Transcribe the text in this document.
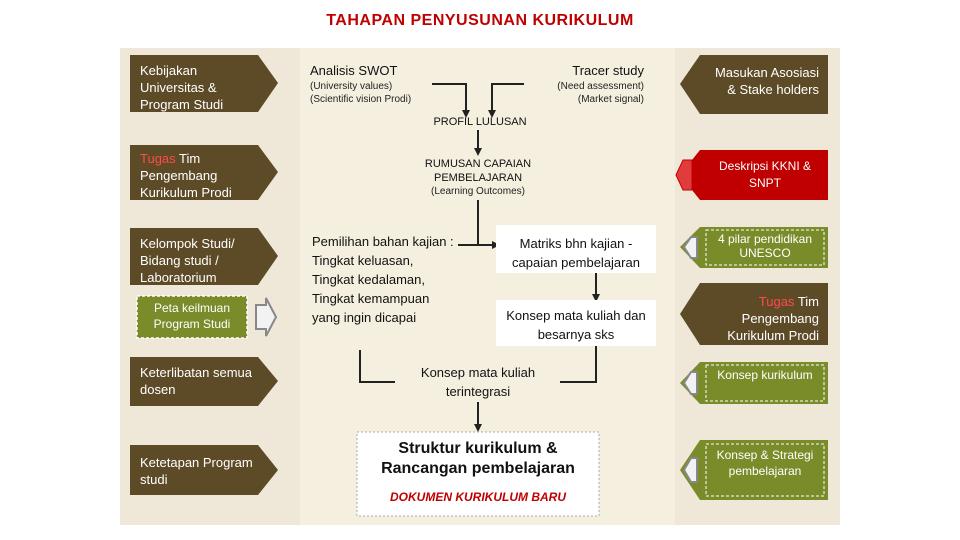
TAHAPAN PENYUSUNAN KURIKULUM
Kebijakan Universitas & Program Studi
Tugas Tim Pengembang Kurikulum Prodi
Kelompok Studi/ Bidang studi / Laboratorium
Peta keilmuan Program Studi
Keterlibatan semua dosen
Ketetapan Program studi
Analisis SWOT
(University values) (Scientific vision Prodi)
Tracer study
(Need assessment) (Market signal)
PROFIL LULUSAN
RUMUSAN CAPAIAN PEMBELAJARAN
(Learning Outcomes)
Pemilihan bahan kajian : Tingkat keluasan, Tingkat kedalaman, Tingkat kemampuan yang ingin dicapai
Matriks bhn kajian - capaian pembelajaran
Konsep mata kuliah dan besarnya sks
Konsep mata kuliah terintegrasi
Struktur kurikulum & Rancangan pembelajaran
DOKUMEN KURIKULUM BARU
Masukan Asosiasi & Stake holders
Deskripsi KKNI & SNPT
4 pilar pendidikan UNESCO
Tugas Tim Pengembang Kurikulum Prodi
Konsep kurikulum
Konsep & Strategi pembelajaran
